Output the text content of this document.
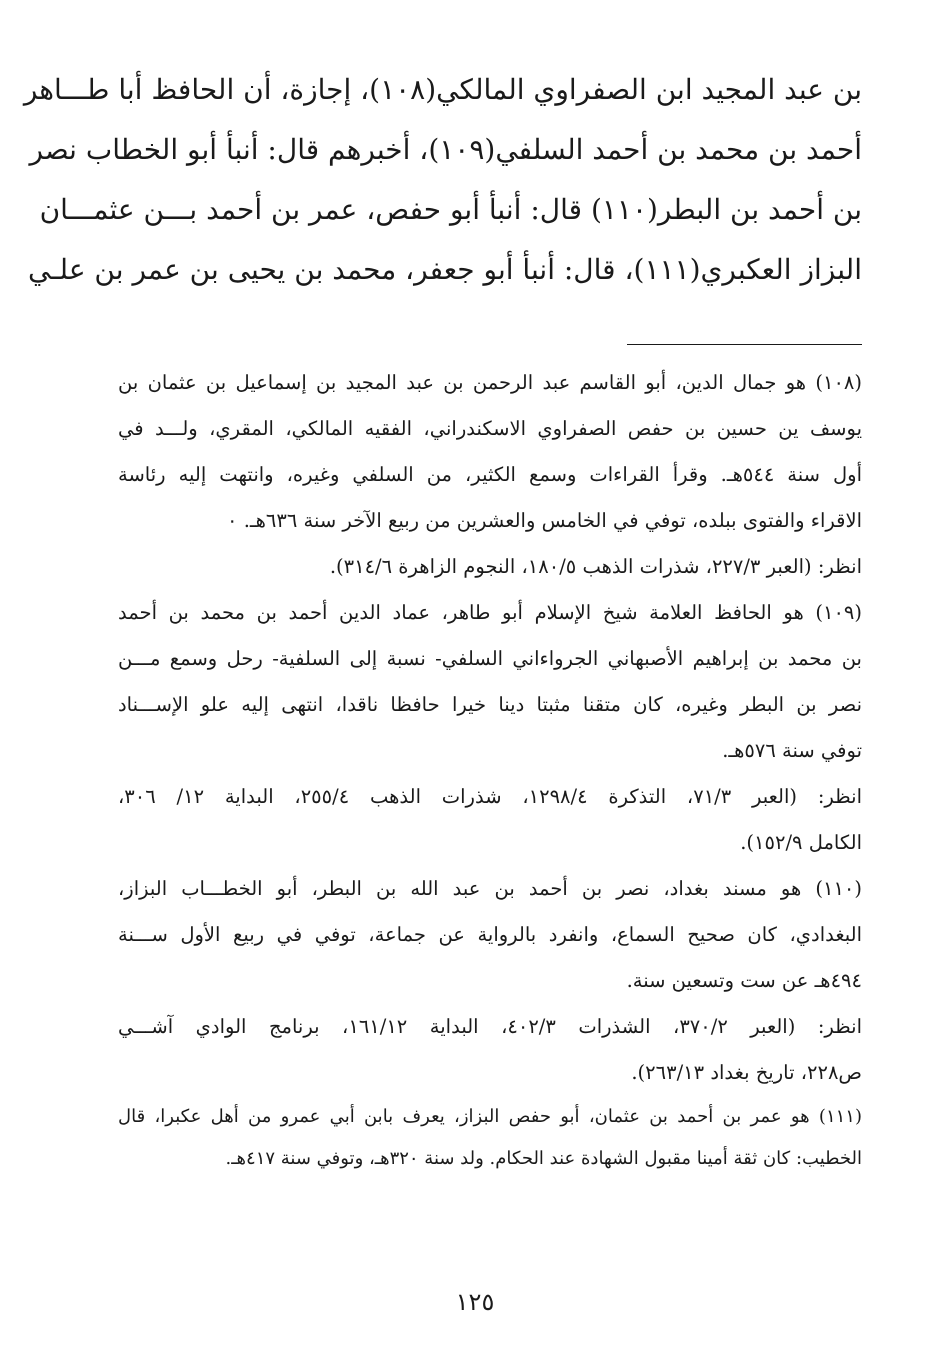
بن عبد المجيد ابن الصفراوي المالكي(١٠٨)، إجازة، أن الحافظ أبا طـــاهر
أحمد بن محمد بن أحمد السلفي(١٠٩)، أخبرهم قال: أنبأ أبو الخطاب نصر
بن أحمد بن البطر(١١٠) قال: أنبأ أبو حفص، عمر بن أحمد بـــن عثمـــان
البزاز العكبري(١١١)، قال: أنبأ أبو جعفر، محمد بن يحيى بن عمر بن علـي
(١٠٨) هو جمال الدين، أبو القاسم عبد الرحمن بن عبد المجيد بن إسماعيل بن عثمان بن
يوسف ين حسين بن حفص الصفراوي الاسكندراني، الفقيه المالكي، المقري، ولـــد في
أول سنة ٥٤٤هـ. وقرأ القراءات وسمع الكثير، من السلفي وغيره، وانتهت إليه رئاسة
الاقراء والفتوى ببلده، توفي في الخامس والعشرين من ربيع الآخر سنة ٦٣٦هـ. ٠
انظر: (العبر ٢٢٧/٣، شذرات الذهب ١٨٠/٥، النجوم الزاهرة ٣١٤/٦).
(١٠٩) هو الحافظ العلامة شيخ الإسلام أبو طاهر، عماد الدين أحمد بن محمد بن أحمد
بن محمد بن إبراهيم الأصبهاني الجرواءاني السلفي- نسبة إلى السلفية- رحل وسمع مـــن
نصر بن البطر وغيره، كان متقنا مثبتا دينا خيرا حافظا ناقدا، انتهى إليه علو الإســـناد
توفي سنة ٥٧٦هـ.
انظر: (العبر ٧١/٣، التذكرة ١٢٩٨/٤، شذرات الذهب ٢٥٥/٤، البداية ١٢/ ٣٠٦،
الكامل ١٥٢/٩).
(١١٠) هو مسند بغداد، نصر بن أحمد بن عبد الله بن البطر، أبو الخطـــاب البزاز،
البغدادي، كان صحيح السماع، وانفرد بالرواية عن جماعة، توفي في ربيع الأول ســـنة
٤٩٤هـ عن ست وتسعين سنة.
انظر: (العبر ٣٧٠/٢، الشذرات ٤٠٢/٣، البداية ١٦١/١٢، برنامج الوادي آشـــي
ص٢٢٨، تاريخ بغداد ٢٦٣/١٣).
(١١١) هو عمر بن أحمد بن عثمان، أبو حفص البزاز، يعرف بابن أبي عمرو من أهل عكبرا، قال
الخطيب: كان ثقة أمينا مقبول الشهادة عند الحكام. ولد سنة ٣٢٠هـ، وتوفي سنة ٤١٧هـ.
١٢٥
